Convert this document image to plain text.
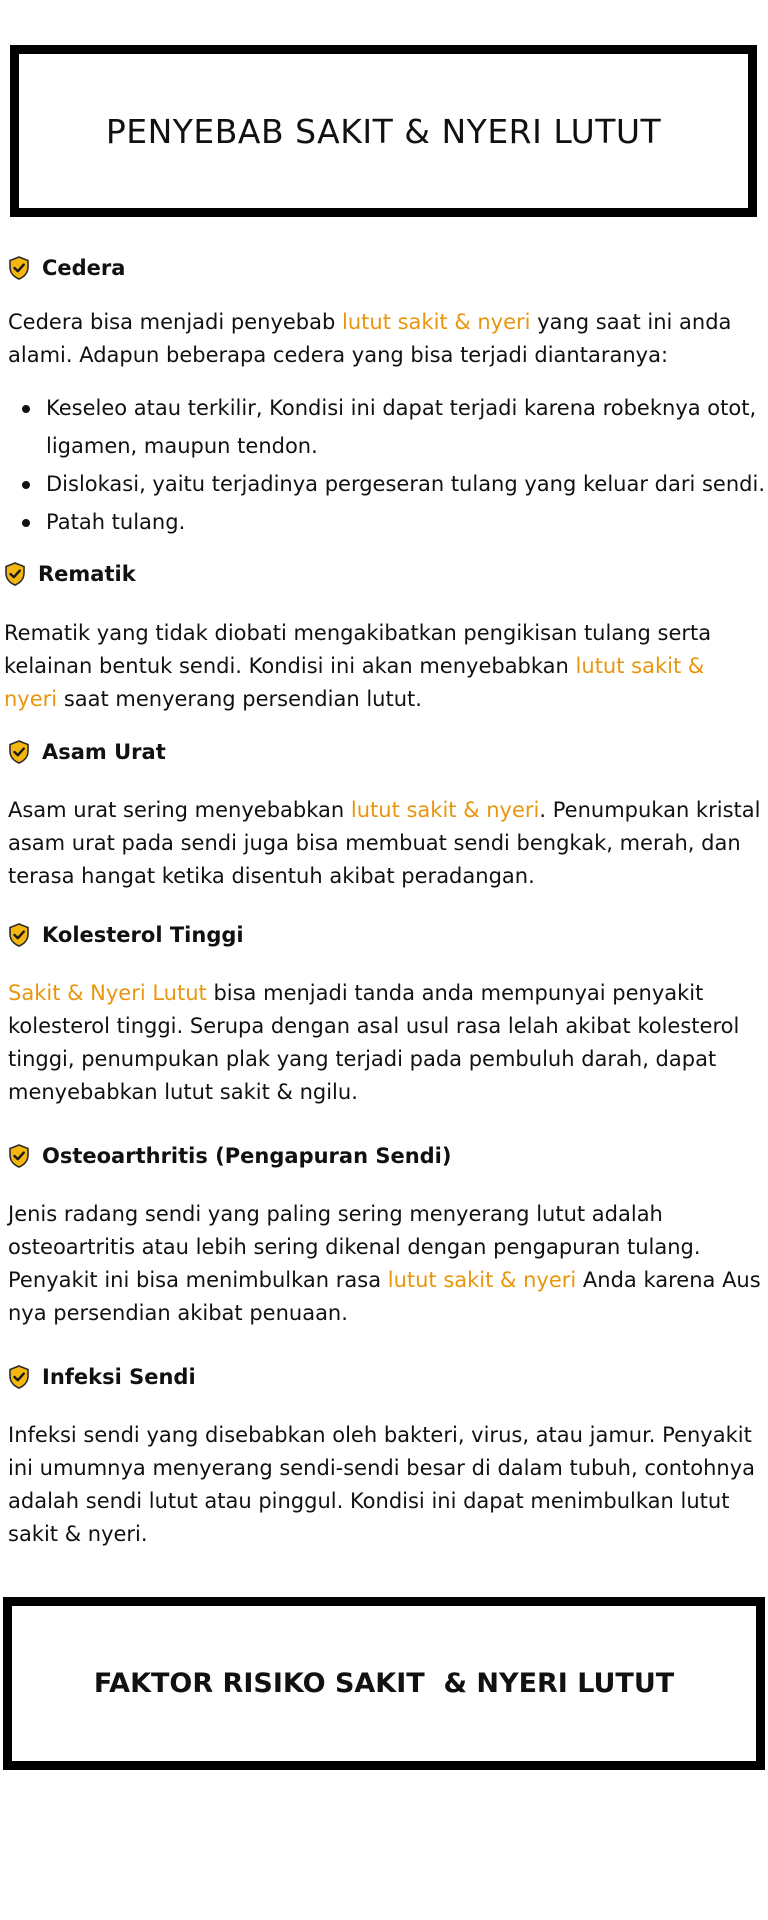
PENYEBAB SAKIT & NYERI LUTUT
Cedera

Cedera bisa menjadi penyebab lutut sakit & nyeri yang saat ini anda alami. Adapun beberapa cedera yang bisa terjadi diantaranya:

Keseleo atau terkilir, Kondisi ini dapat terjadi karena robeknya otot, ligamen, maupun tendon.
Dislokasi, yaitu terjadinya pergeseran tulang yang keluar dari sendi.
Patah tulang.
Rematik

Rematik yang tidak diobati mengakibatkan pengikisan tulang serta kelainan bentuk sendi. Kondisi ini akan menyebabkan lutut sakit & nyeri saat menyerang persendian lutut.

Asam Urat

Asam urat sering menyebabkan lutut sakit & nyeri. Penumpukan kristal asam urat pada sendi juga bisa membuat sendi bengkak, merah, dan terasa hangat ketika disentuh akibat peradangan.

Kolesterol Tinggi

Sakit & Nyeri Lutut bisa menjadi tanda anda mempunyai penyakit kolesterol tinggi. Serupa dengan asal usul rasa lelah akibat kolesterol tinggi, penumpukan plak yang terjadi pada pembuluh darah, dapat menyebabkan lutut sakit & ngilu.

Osteoarthritis (Pengapuran Sendi)

Jenis radang sendi yang paling sering menyerang lutut adalah osteoartritis atau lebih sering dikenal dengan pengapuran tulang. Penyakit ini bisa menimbulkan rasa lutut sakit & nyeri Anda karena Aus nya persendian akibat penuaan.

Infeksi Sendi

Infeksi sendi yang disebabkan oleh bakteri, virus, atau jamur. Penyakit ini umumnya menyerang sendi-sendi besar di dalam tubuh, contohnya adalah sendi lutut atau pinggul. Kondisi ini dapat menimbulkan lutut sakit & nyeri.

FAKTOR RISIKO SAKIT  & NYERI LUTUT
